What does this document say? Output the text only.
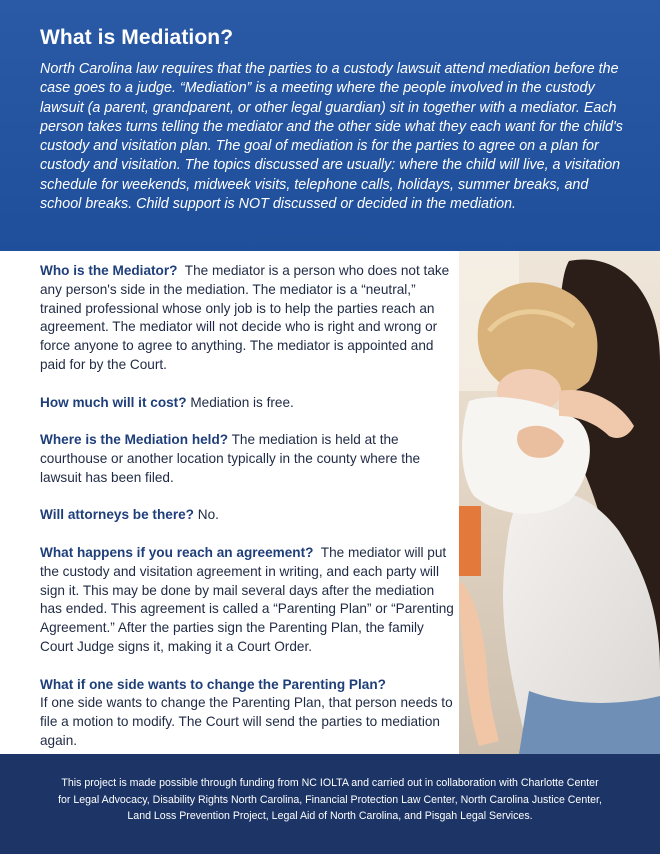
What is Mediation?

North Carolina law requires that the parties to a custody lawsuit attend mediation before the case goes to a judge. “Mediation” is a meeting where the people involved in the custody lawsuit (a parent, grandparent, or other legal guardian) sit in together with a mediator. Each person takes turns telling the mediator and the other side what they each want for the child's custody and visitation plan. The goal of mediation is for the parties to agree on a plan for custody and visitation. The topics discussed are usually: where the child will live, a visitation schedule for weekends, midweek visits, telephone calls, holidays, summer breaks, and school breaks. Child support is NOT discussed or decided in the mediation.

Who is the Mediator? The mediator is a person who does not take any person's side in the mediation. The mediator is a “neutral,” trained professional whose only job is to help the parties reach an agreement. The mediator will not decide who is right and wrong or force anyone to agree to anything. The mediator is appointed and paid for by the Court.
How much will it cost? Mediation is free.
Where is the Mediation held? The mediation is held at the courthouse or another location typically in the county where the lawsuit has been filed.
Will attorneys be there? No.
What happens if you reach an agreement? The mediator will put the custody and visitation agreement in writing, and each party will sign it. This may be done by mail several days after the mediation has ended. This agreement is called a “Parenting Plan” or “Parenting Agreement.” After the parties sign the Parenting Plan, the family Court Judge signs it, making it a Court Order.
What if one side wants to change the Parenting Plan?
If one side wants to change the Parenting Plan, that person needs to file a motion to modify. The Court will send the parties to mediation again.

This project is made possible through funding from NC IOLTA and carried out in collaboration with Charlotte Center for Legal Advocacy, Disability Rights North Carolina, Financial Protection Law Center, North Carolina Justice Center, Land Loss Prevention Project, Legal Aid of North Carolina, and Pisgah Legal Services.
